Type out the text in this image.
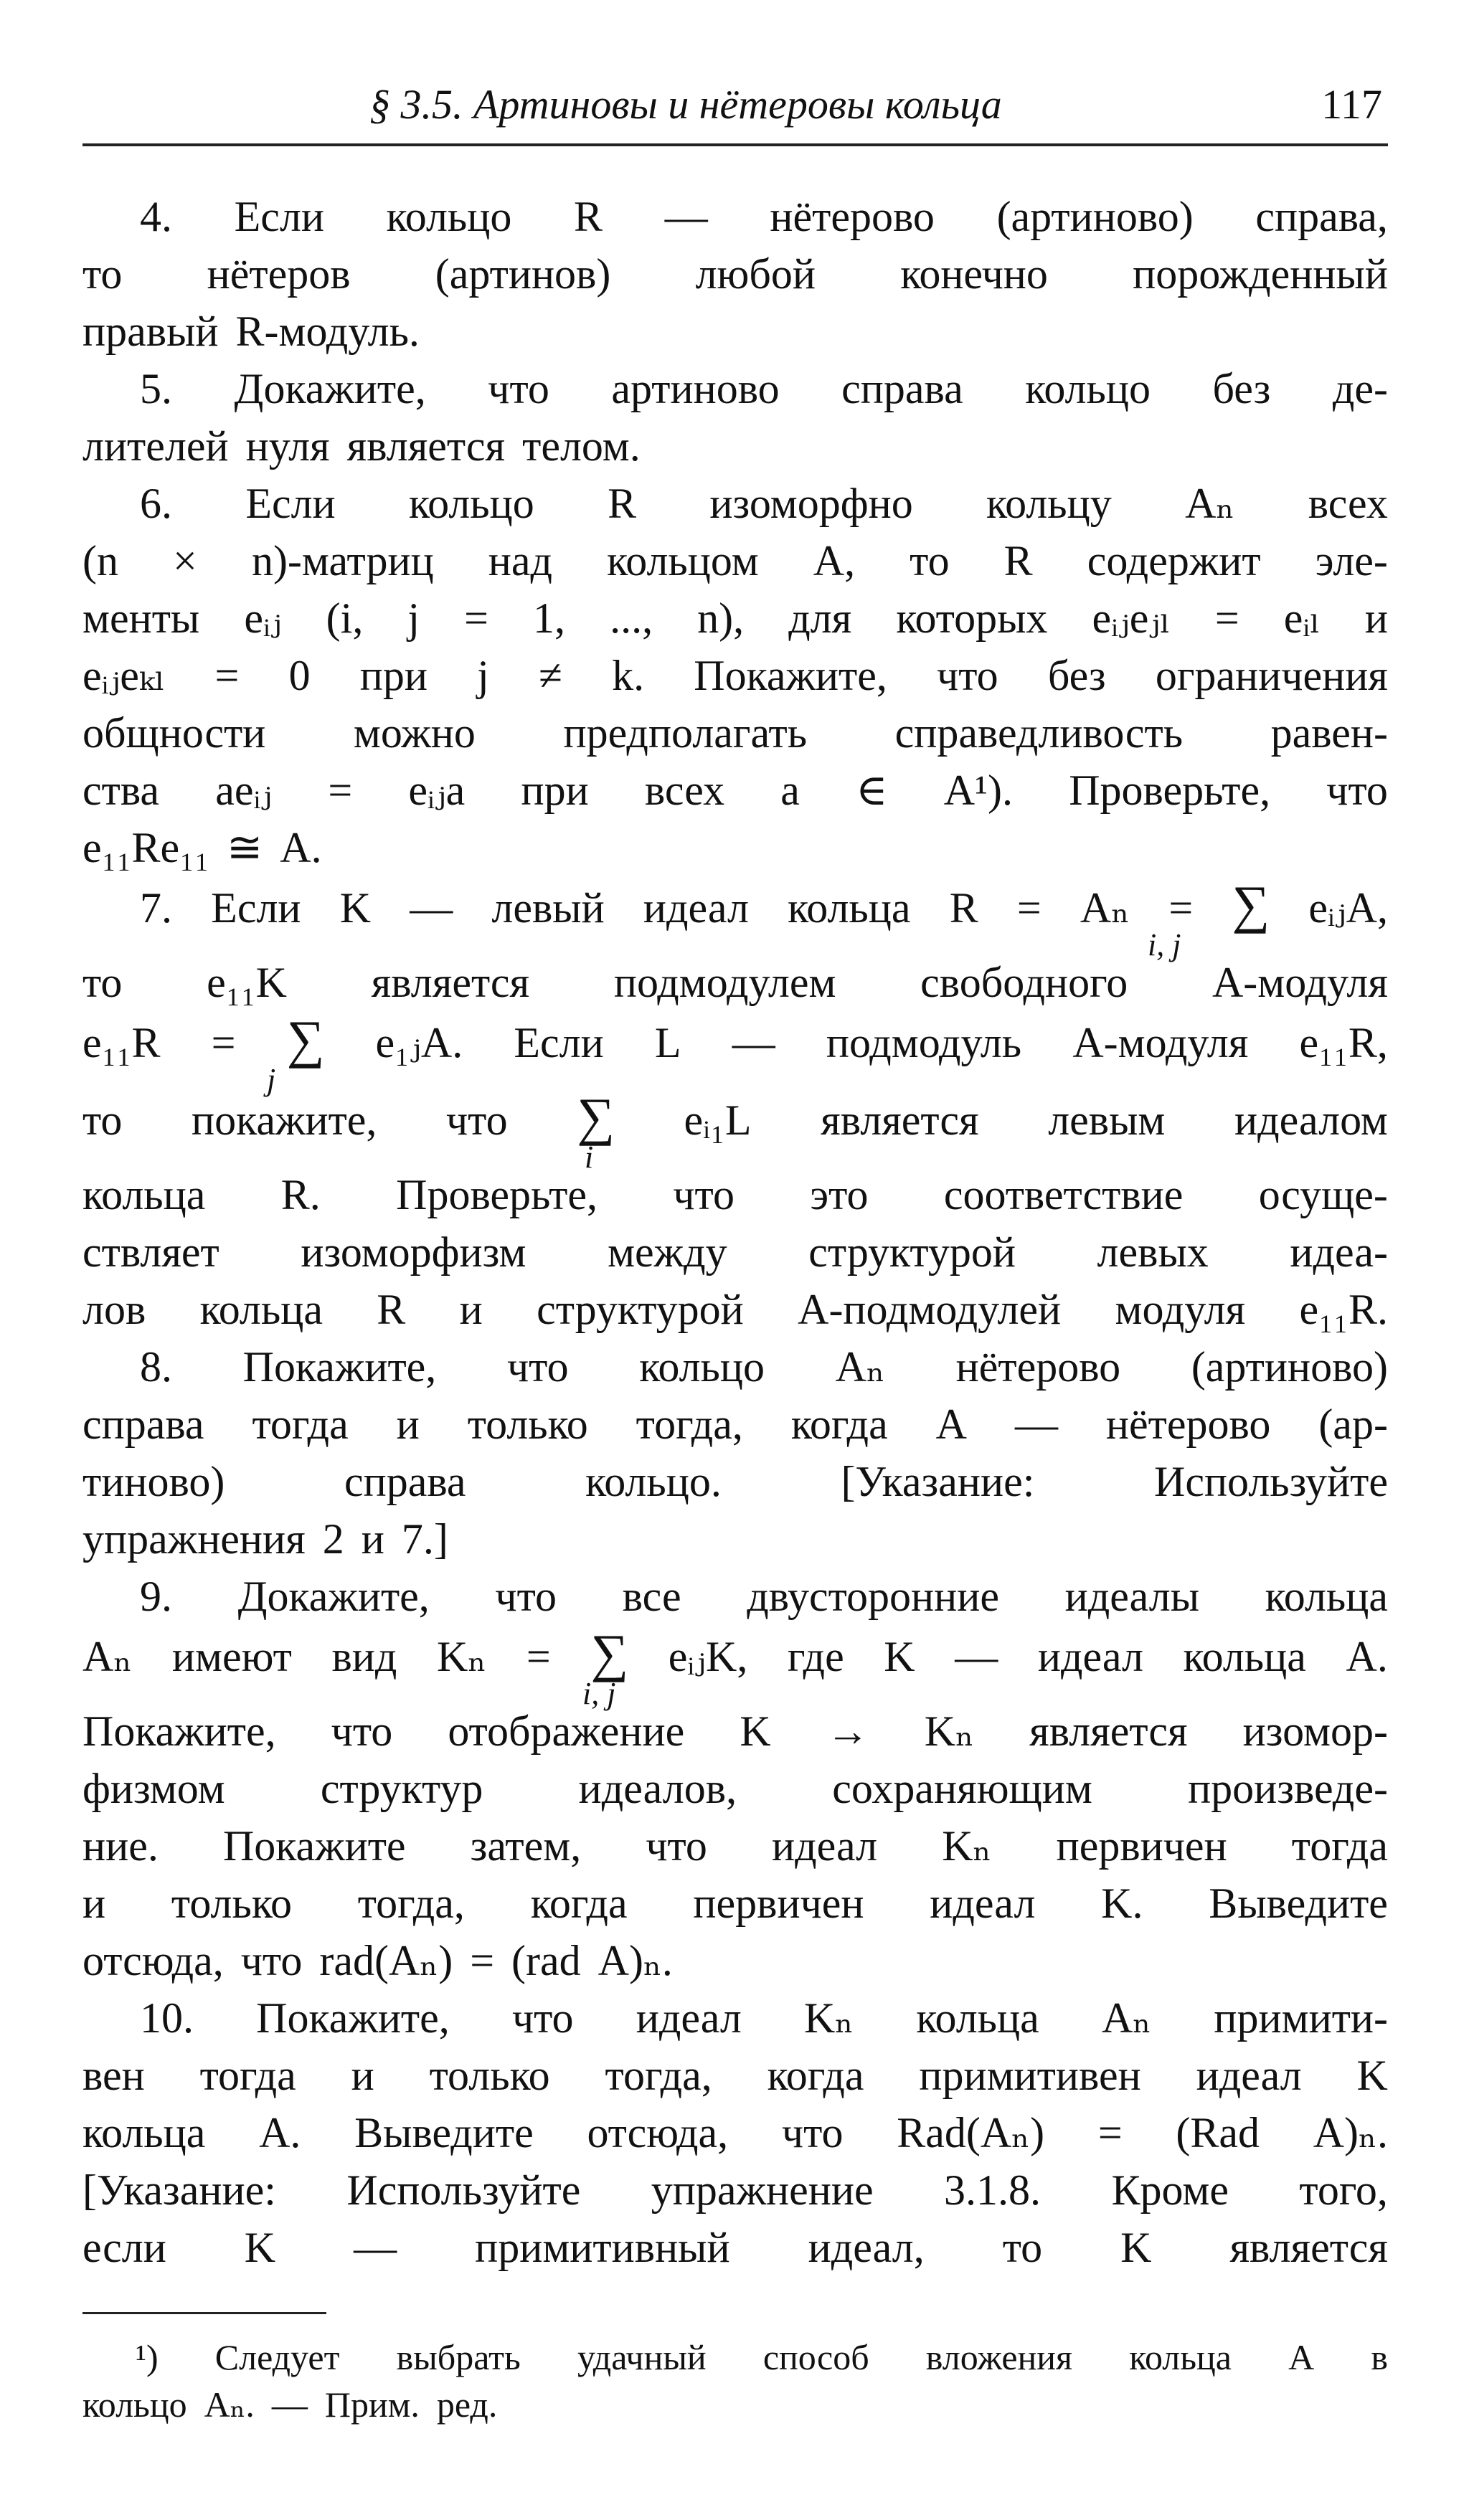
§ 3.5. Артиновы и нётеровы кольца	117
4. Если кольцо R — нётерово (артиново) справа,
то нётеров (артинов) любой конечно порожденный
правый R-модуль.
5. Докажите, что артиново справа кольцо без де-
лителей нуля является телом.
6. Если кольцо R изоморфно кольцу Aₙ всех
(n × n)-матриц над кольцом A, то R содержит эле-
менты eᵢⱼ (i, j = 1, ..., n), для которых eᵢⱼeⱼₗ = eᵢₗ и
eᵢⱼeₖₗ = 0 при j ≠ k. Покажите, что без ограничения
общности можно предполагать справедливость равен-
ства aeᵢⱼ = eᵢⱼa при всех a ∈ A¹). Проверьте, что
e₁₁Re₁₁ ≅ A.
7. Если K — левый идеал кольца R = Aₙ = ∑ eᵢⱼA,
то e₁₁K является подмодулем свободного A-модуля
e₁₁R = ∑ e₁ⱼA. Если L — подмодуль A-модуля e₁₁R,
то покажите, что ∑ eᵢ₁L является левым идеалом
кольца R. Проверьте, что это соответствие осуще-
ствляет изоморфизм между структурой левых идеа-
лов кольца R и структурой A-подмодулей модуля e₁₁R.
8. Покажите, что кольцо Aₙ нётерово (артиново)
справа тогда и только тогда, когда A — нётерово (ар-
тиново)	справа	кольцо.	[Указание:	Используйте
упражнения 2 и 7.]
9. Докажите, что все двусторонние идеалы кольца
Aₙ имеют вид Kₙ = ∑ eᵢⱼK, где K — идеал кольца A.
Покажите, что отображение K → Kₙ является изомор-
физмом структур идеалов, сохраняющим произведе-
ние. Покажите затем, что идеал Kₙ первичен тогда
и только тогда, когда первичен идеал K. Выведите
отсюда, что rad(Aₙ) = (rad A)ₙ.
10. Покажите, что идеал Kₙ кольца Aₙ примити-
вен тогда и только тогда, когда примитивен идеал K
кольца A. Выведите отсюда, что Rad(Aₙ) = (Rad A)ₙ.
[Указание: Используйте упражнение 3.1.8. Кроме того,
если K — примитивный идеал, то K является
i, j
j
i
i, j
¹) Следует выбрать удачный способ вложения кольца A в
кольцо Aₙ. — Прим. ред.
